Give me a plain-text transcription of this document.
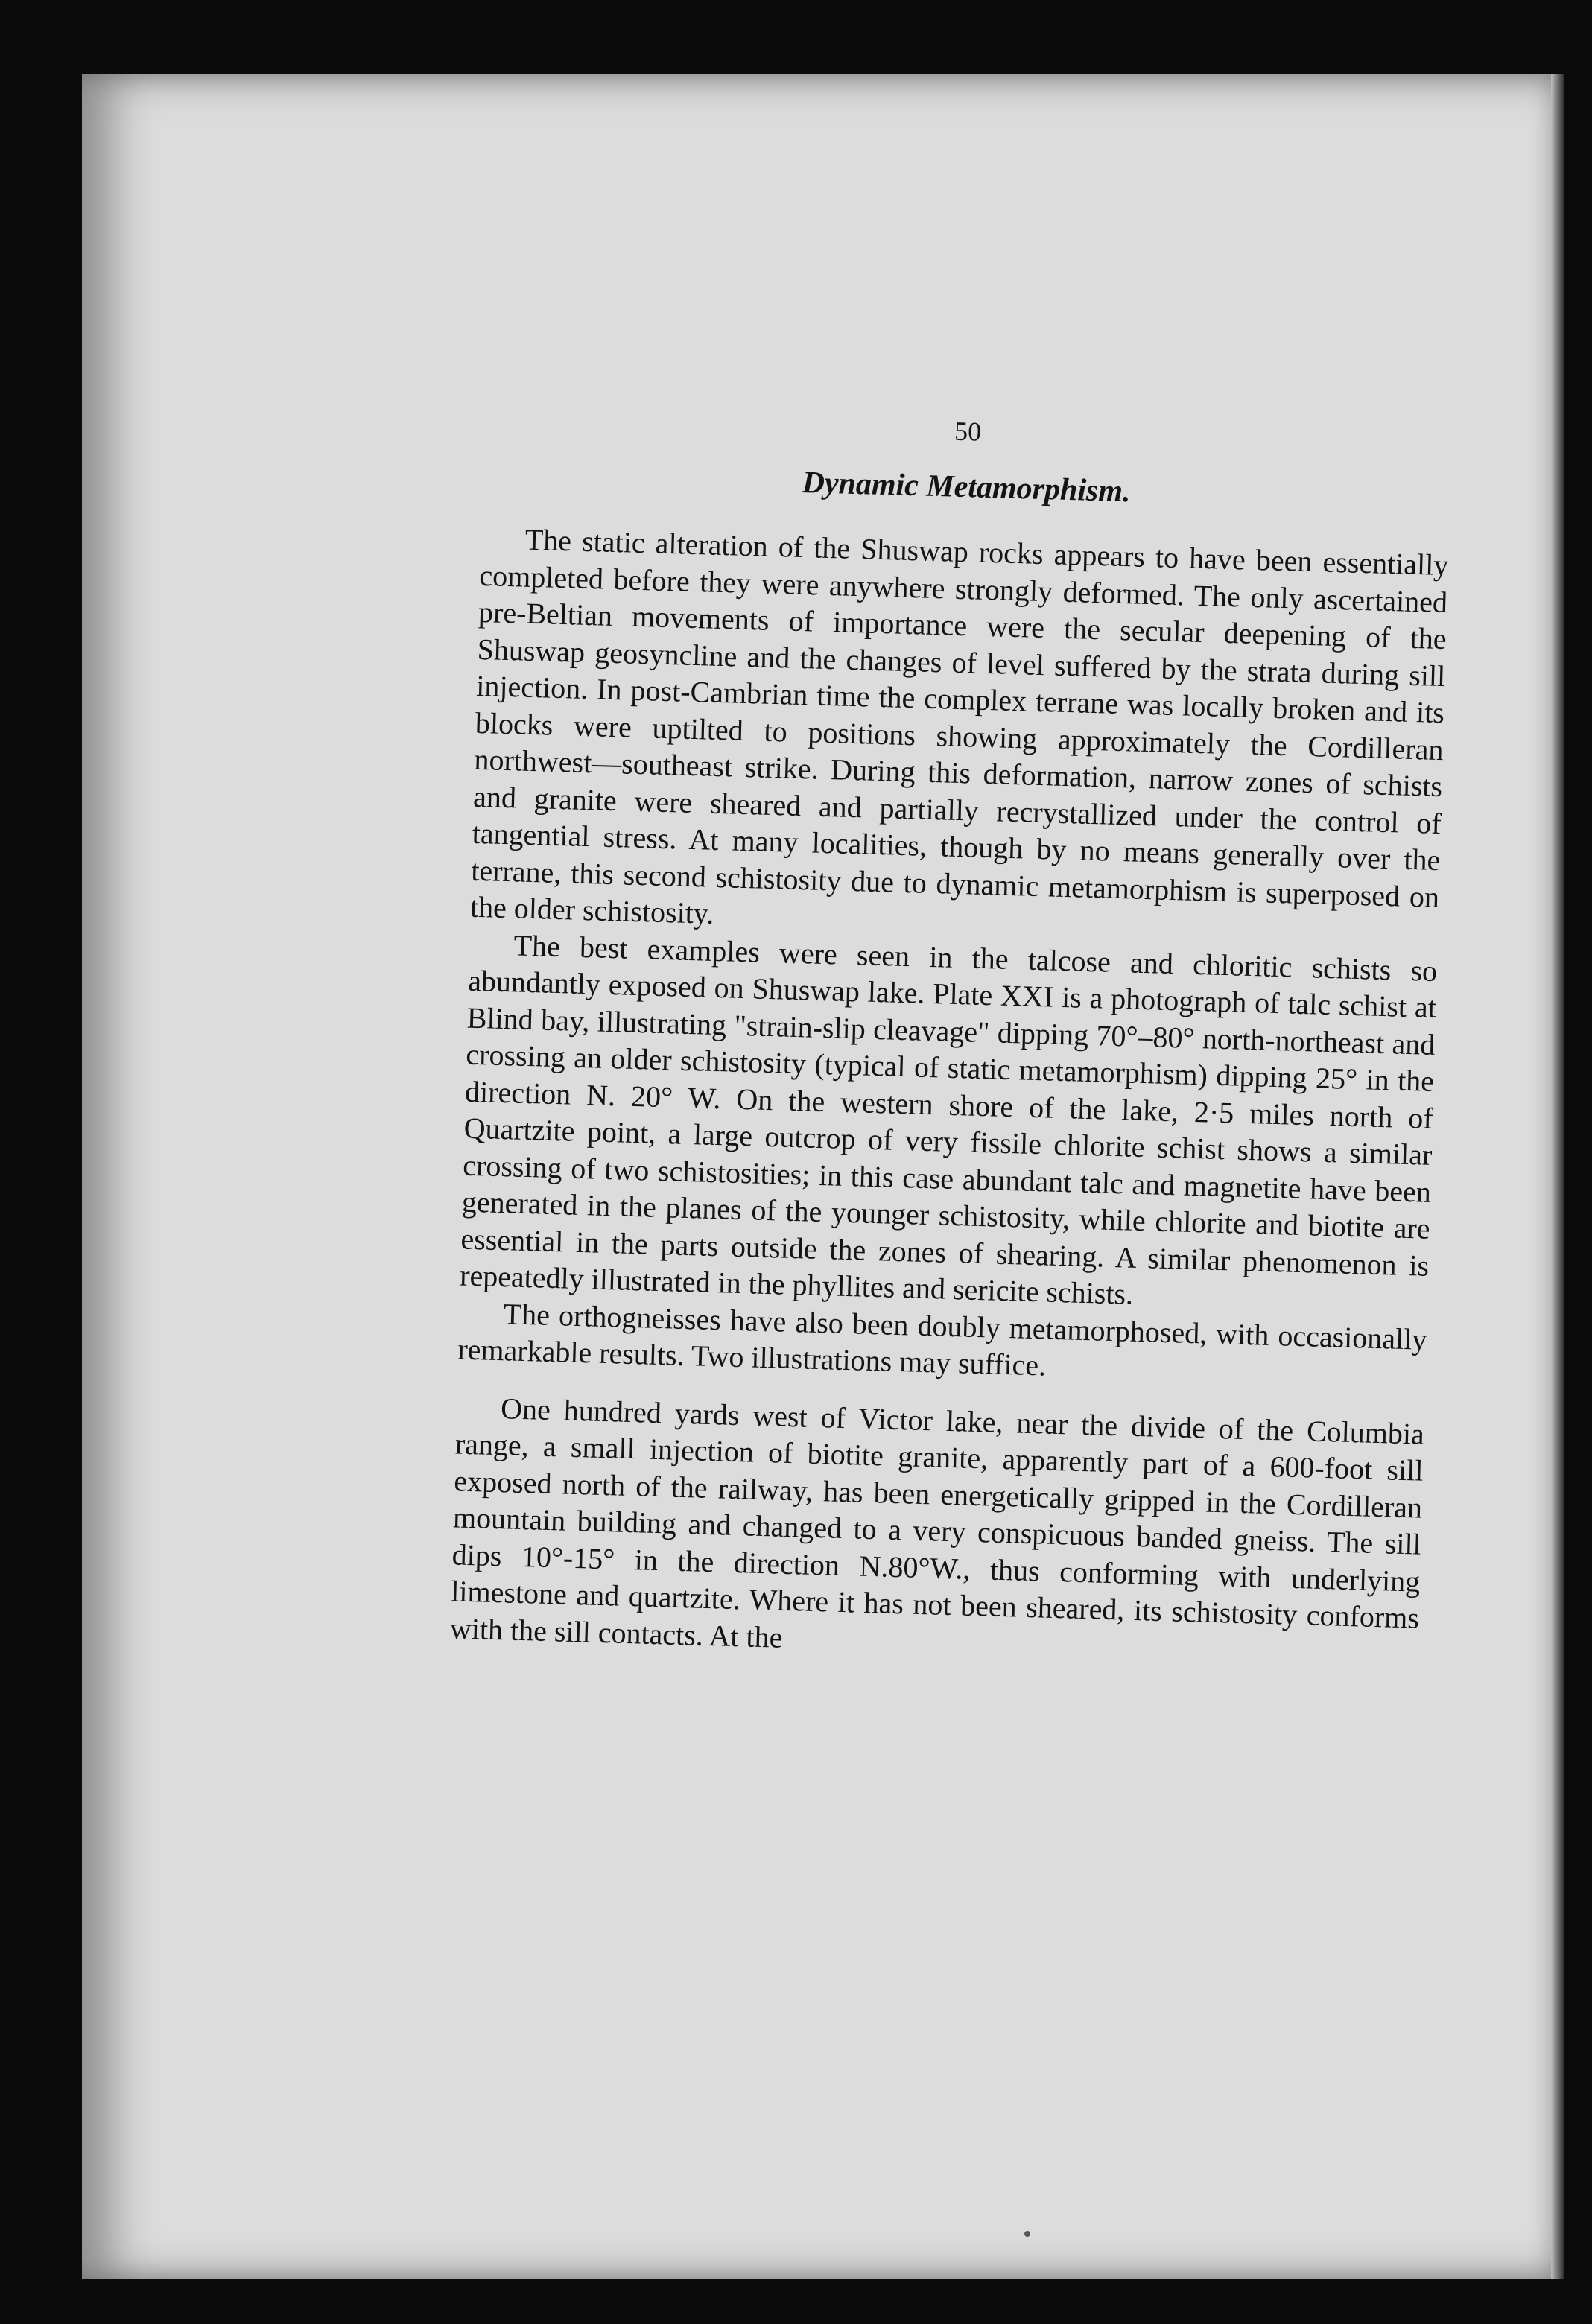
50
Dynamic Metamorphism.

The static alteration of the Shuswap rocks appears to have been essentially completed before they were anywhere strongly deformed. The only ascertained pre-Beltian movements of importance were the secular deepening of the Shuswap geosyncline and the changes of level suffered by the strata during sill injection. In post-Cambrian time the complex terrane was locally broken and its blocks were uptilted to positions showing approximately the Cordilleran northwest—southeast strike. During this deformation, narrow zones of schists and granite were sheared and partially recrystallized under the control of tangential stress. At many localities, though by no means generally over the terrane, this second schistosity due to dynamic metamorphism is superposed on the older schistosity.

The best examples were seen in the talcose and chloritic schists so abundantly exposed on Shuswap lake. Plate XXI is a photograph of talc schist at Blind bay, illustrating "strain-slip cleavage" dipping 70°–80° north-northeast and crossing an older schistosity (typical of static metamorphism) dipping 25° in the direction N. 20° W. On the western shore of the lake, 2·5 miles north of Quartzite point, a large outcrop of very fissile chlorite schist shows a similar crossing of two schistosities; in this case abundant talc and magnetite have been generated in the planes of the younger schistosity, while chlorite and biotite are essential in the parts outside the zones of shearing. A similar phenomenon is repeatedly illustrated in the phyllites and sericite schists.

The orthogneisses have also been doubly metamorphosed, with occasionally remarkable results. Two illustrations may suffice.

One hundred yards west of Victor lake, near the divide of the Columbia range, a small injection of biotite granite, apparently part of a 600-foot sill exposed north of the railway, has been energetically gripped in the Cordilleran mountain building and changed to a very conspicuous banded gneiss. The sill dips 10°-15° in the direction N.80°W., thus conforming with underlying limestone and quartzite. Where it has not been sheared, its schistosity conforms with the sill contacts. At the
